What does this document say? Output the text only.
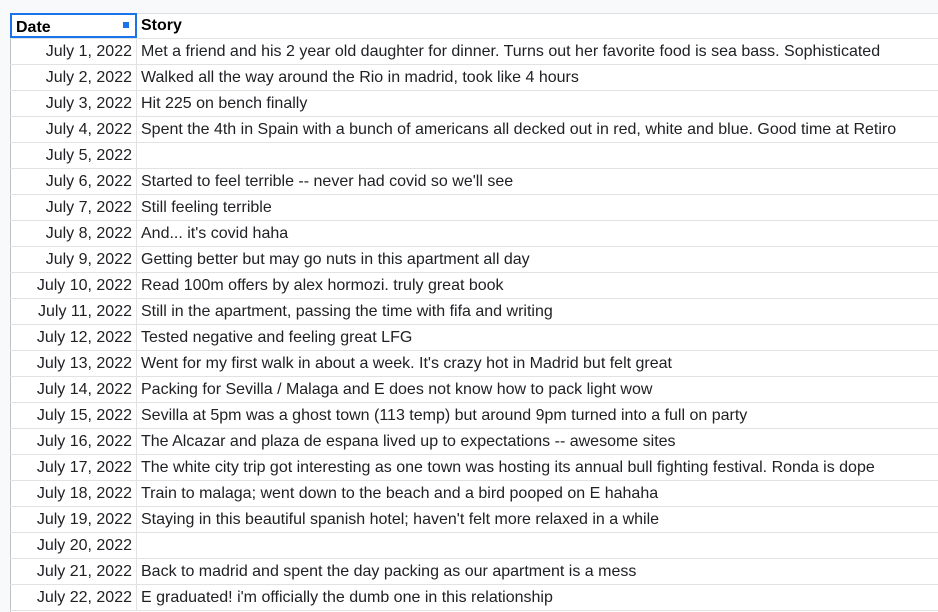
Date	Story
July 1, 2022 Met a friend and his 2 year old daughter for dinner. Turns out her favorite food is sea bass. Sophisticated
July 2, 2022 Walked all the way around the Rio in madrid, took like 4 hours
July 3, 2022 Hit 225 on bench finally
July 4, 2022 Spent the 4th in Spain with a bunch of americans all decked out in red, white and blue. Good time at Retiro
July 5, 2022
July 6, 2022 Started to feel terrible -- never had covid so we'll see
July 7, 2022 Still feeling terrible
July 8, 2022 And... it's covid haha
July 9, 2022 Getting better but may go nuts in this apartment all day
July 10, 2022 Read 100m offers by alex hormozi. truly great book
July 11, 2022 Still in the apartment, passing the time with fifa and writing
July 12, 2022 Tested negative and feeling great LFG
July 13, 2022 Went for my first walk in about a week. It's crazy hot in Madrid but felt great
July 14, 2022 Packing for Sevilla / Malaga and E does not know how to pack light wow
July 15, 2022 Sevilla at 5pm was a ghost town (113 temp) but around 9pm turned into a full on party
July 16, 2022 The Alcazar and plaza de espana lived up to expectations -- awesome sites
July 17, 2022 The white city trip got interesting as one town was hosting its annual bull fighting festival. Ronda is dope
July 18, 2022 Train to malaga; went down to the beach and a bird pooped on E hahaha
July 19, 2022 Staying in this beautiful spanish hotel; haven't felt more relaxed in a while
July 20, 2022
July 21, 2022 Back to madrid and spent the day packing as our apartment is a mess
July 22, 2022 E graduated! i'm officially the dumb one in this relationship
